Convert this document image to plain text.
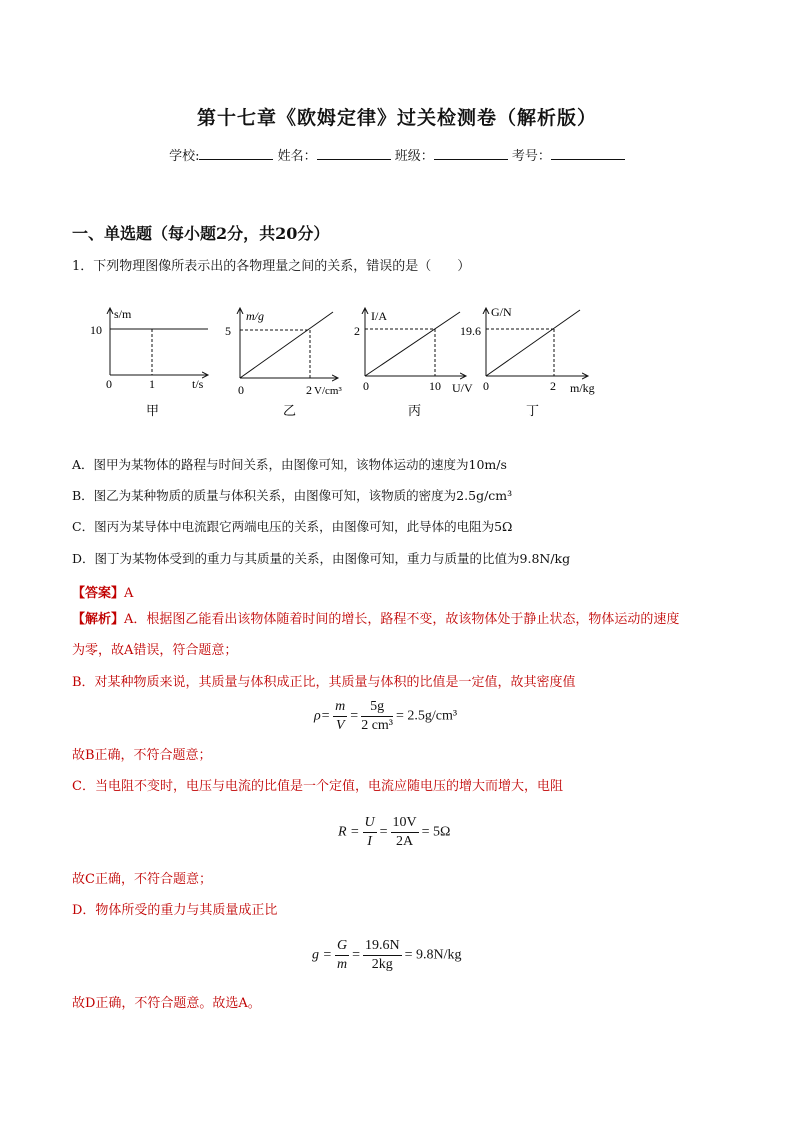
第十七章《欧姆定律》过关检测卷（解析版）
学校:	姓名：	班级：	考号：
一、单选题（每小题2分，共20分）
1．下列物理图像所表示出的各物理量之间的关系，错误的是（　　）
s/m
10
0	1	t/s
甲
m/g
5
0	2 V/cm³
乙
I/A
2
0	10 U/V
丙
G/N
19.6
0	2 m/kg
丁
A．图甲为某物体的路程与时间关系，由图像可知，该物体运动的速度为10m/s
B．图乙为某种物质的质量与体积关系，由图像可知，该物质的密度为2.5g/cm³
C．图丙为某导体中电流跟它两端电压的关系，由图像可知，此导体的电阻为5Ω
D．图丁为某物体受到的重力与其质量的关系，由图像可知，重力与质量的比值为9.8N/kg
【答案】A
【解析】A．根据图乙能看出该物体随着时间的增长，路程不变，故该物体处于静止状态，物体运动的速度
为零，故A错误，符合题意；
B．对某种物质来说，其质量与体积成正比，其质量与体积的比值是一定值，故其密度值
$\rho= \frac{m}{V} = \frac{5g}{\text{2 cm³}} = 2.5g/cm^3$
故B正确，不符合题意；
C．当电阻不变时，电压与电流的比值是一个定值，电流应随电压的增大而增大，电阻
$R = \frac{U}{I} = \frac{10V}{2A} = 5\Omega$
故C正确，不符合题意；
D．物体所受的重力与其质量成正比
$g = \frac{G}{m} = \frac{19.6N}{2kg} = 9.8N/kg$
故D正确，不符合题意。故选A。
